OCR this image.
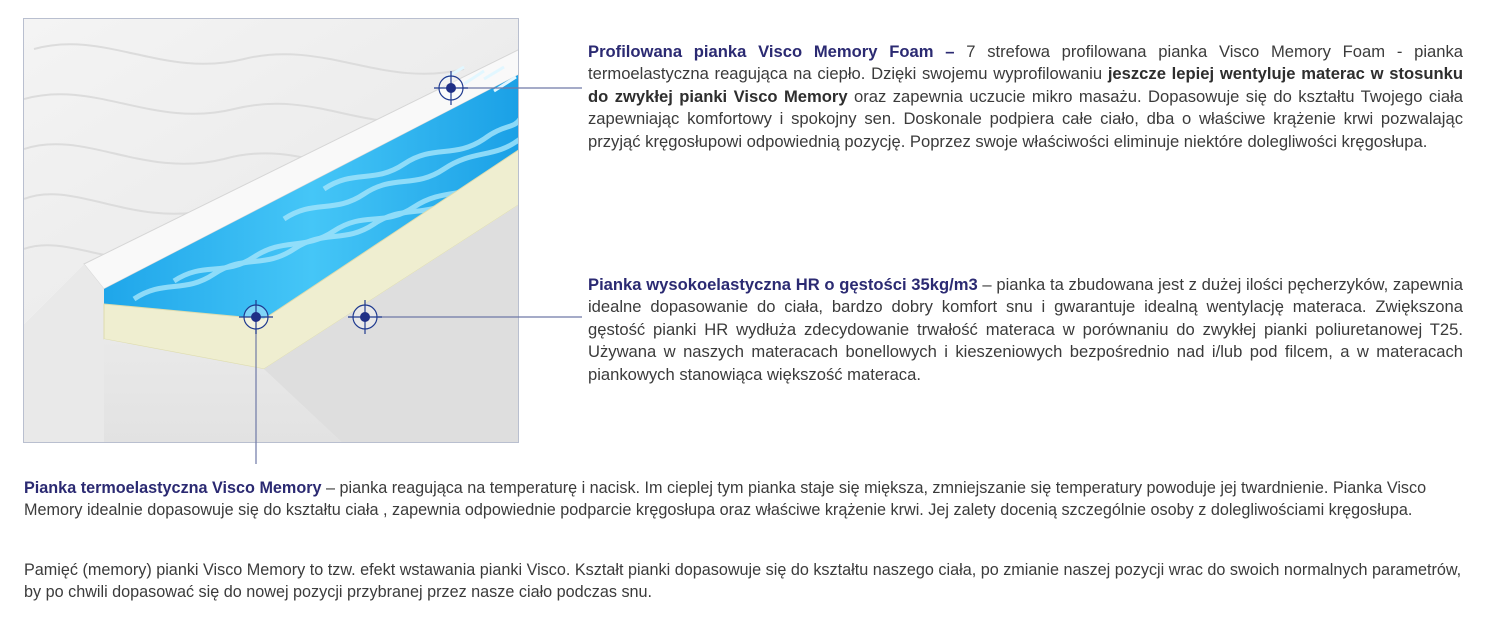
Profilowana pianka Visco Memory Foam – 7 strefowa profilowana pianka Visco Memory Foam - pianka termoelastyczna reagująca na ciepło. Dzięki swojemu wyprofilowaniu jeszcze lepiej wentyluje materac w stosunku do zwykłej pianki Visco Memory oraz zapewnia uczucie mikro masażu. Dopasowuje się do kształtu Twojego ciała zapewniając komfortowy i spokojny sen. Doskonale podpiera całe ciało, dba o właściwe krążenie krwi pozwalając przyjąć kręgosłupowi odpowiednią pozycję. Poprzez swoje właściwości eliminuje niektóre dolegliwości kręgosłupa.
Pianka wysokoelastyczna HR o gęstości 35kg/m3 – pianka ta zbudowana jest z dużej ilości pęcherzyków, zapewnia idealne dopasowanie do ciała, bardzo dobry komfort snu i gwarantuje idealną wentylację materaca. Zwiększona gęstość pianki HR wydłuża zdecydowanie trwałość materaca w porównaniu do zwykłej pianki poliuretanowej T25. Używana w naszych materacach bonellowych i kieszeniowych bezpośrednio nad i/lub pod filcem, a w materacach piankowych stanowiąca większość materaca.
Pianka termoelastyczna Visco Memory – pianka reagująca na temperaturę i nacisk. Im cieplej tym pianka staje się miększa, zmniejszanie się temperatury powoduje jej twardnienie. Pianka Visco Memory idealnie dopasowuje się do kształtu ciała , zapewnia odpowiednie podparcie kręgosłupa oraz właściwe krążenie krwi. Jej zalety docenią szczególnie osoby z dolegliwościami kręgosłupa.
Pamięć (memory) pianki Visco Memory to tzw. efekt wstawania pianki Visco. Kształt pianki dopasowuje się do kształtu naszego ciała, po zmianie naszej pozycji wrac do swoich normalnych parametrów, by po chwili dopasować się do nowej pozycji przybranej przez nasze ciało podczas snu.
